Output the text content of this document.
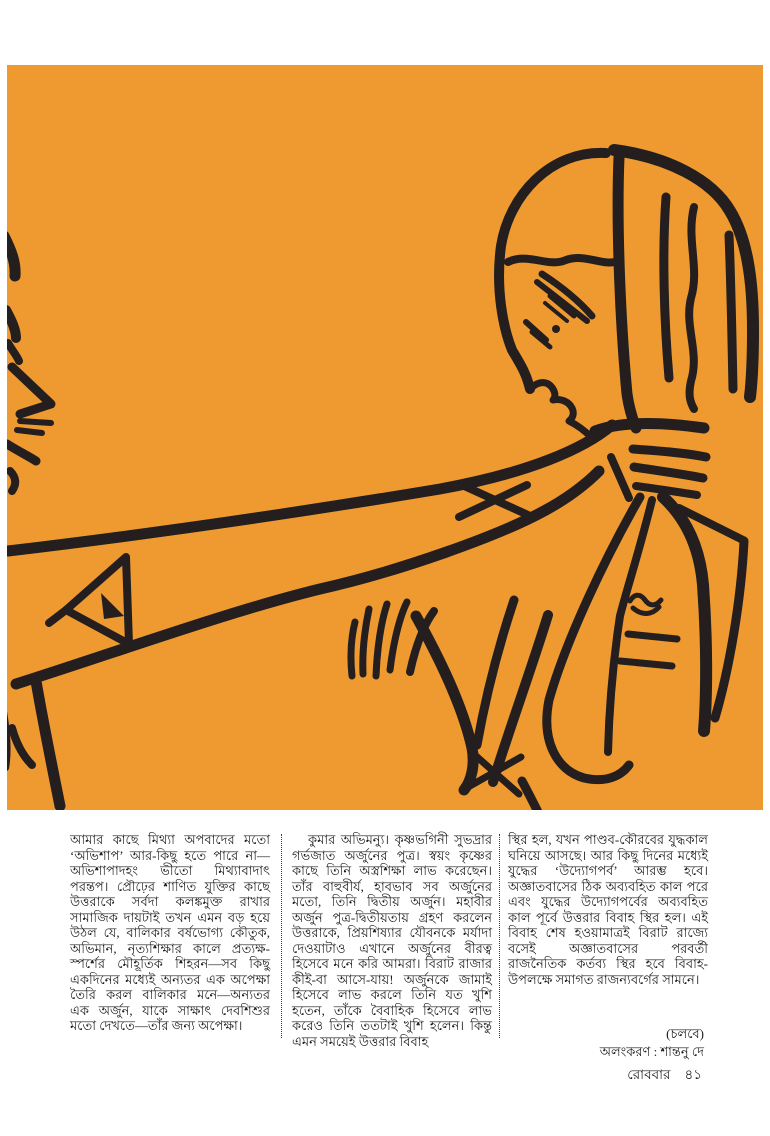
আমার কাছে মিথ্যা অপবাদের মতো ‘অভিশাপ’ আর-কিছু হতে পারে না—অভিশাপাদহং ভীতো মিথ্যাবাদাৎ পরন্তপ। প্রৌঢ়ের শাণিত যুক্তির কাছে উত্তরাকে সর্বদা কলঙ্কমুক্ত রাখার সামাজিক দায়টাই তখন এমন বড় হয়ে উঠল যে, বালিকার বর্ষভোগ্য কৌতুক, অভিমান, নৃত্যশিক্ষার কালে প্রত্যক্ষ-স্পর্শের মৌহূর্তিক শিহরন—সব কিছু একদিনের মধ্যেই অন্যতর এক অপেক্ষা তৈরি করল বালিকার মনে—অন্যতর এক অর্জুন, যাকে সাক্ষাৎ দেবশিশুর মতো দেখতে—তাঁর জন্য অপেক্ষা।

কুমার অভিমন্যু। কৃষ্ণভগিনী সুভদ্রার গর্ভজাত অর্জুনের পুত্র। স্বয়ং কৃষ্ণের কাছে তিনি অস্ত্রশিক্ষা লাভ করেছেন। তাঁর বাহুবীর্য, হাবভাব সব অর্জুনের মতো, তিনি দ্বিতীয় অর্জুন। মহাবীর অর্জুন পুত্র-দ্বিতীয়তায় গ্রহণ করলেন উত্তরাকে, প্রিয়শিষ্যার যৌবনকে মর্যাদা দেওয়াটাও এখানে অর্জুনের বীরত্ব হিসেবে মনে করি আমরা। বিরাট রাজার কীই-বা আসে-যায়! অর্জুনকে জামাই হিসেবে লাভ করলে তিনি যত খুশি হতেন, তাঁকে বৈবাহিক হিসেবে লাভ করেও তিনি ততটাই খুশি হলেন। কিন্তু এমন সময়েই উত্তরার বিবাহ

স্থির হল, যখন পাণ্ডব-কৌরবের যুদ্ধকাল ঘনিয়ে আসছে। আর কিছু দিনের মধ্যেই যুদ্ধের ‘উদ্যোগপর্ব’ আরম্ভ হবে। অজ্ঞাতবাসের ঠিক অব্যবহিত কাল পরে এবং যুদ্ধের উদ্যোগপর্বের অব্যবহিত কাল পূর্বে উত্তরার বিবাহ স্থির হল। এই বিবাহ শেষ হওয়ামাত্রই বিরাট রাজ্যে বসেই অজ্ঞাতবাসের পরবর্তী রাজনৈতিক কর্তব্য স্থির হবে বিবাহ-উপলক্ষে সমাগত রাজন্যবর্গের সামনে।

(চলবে)

অলংকরণ : শান্তনু দে

রোববার ৪১
